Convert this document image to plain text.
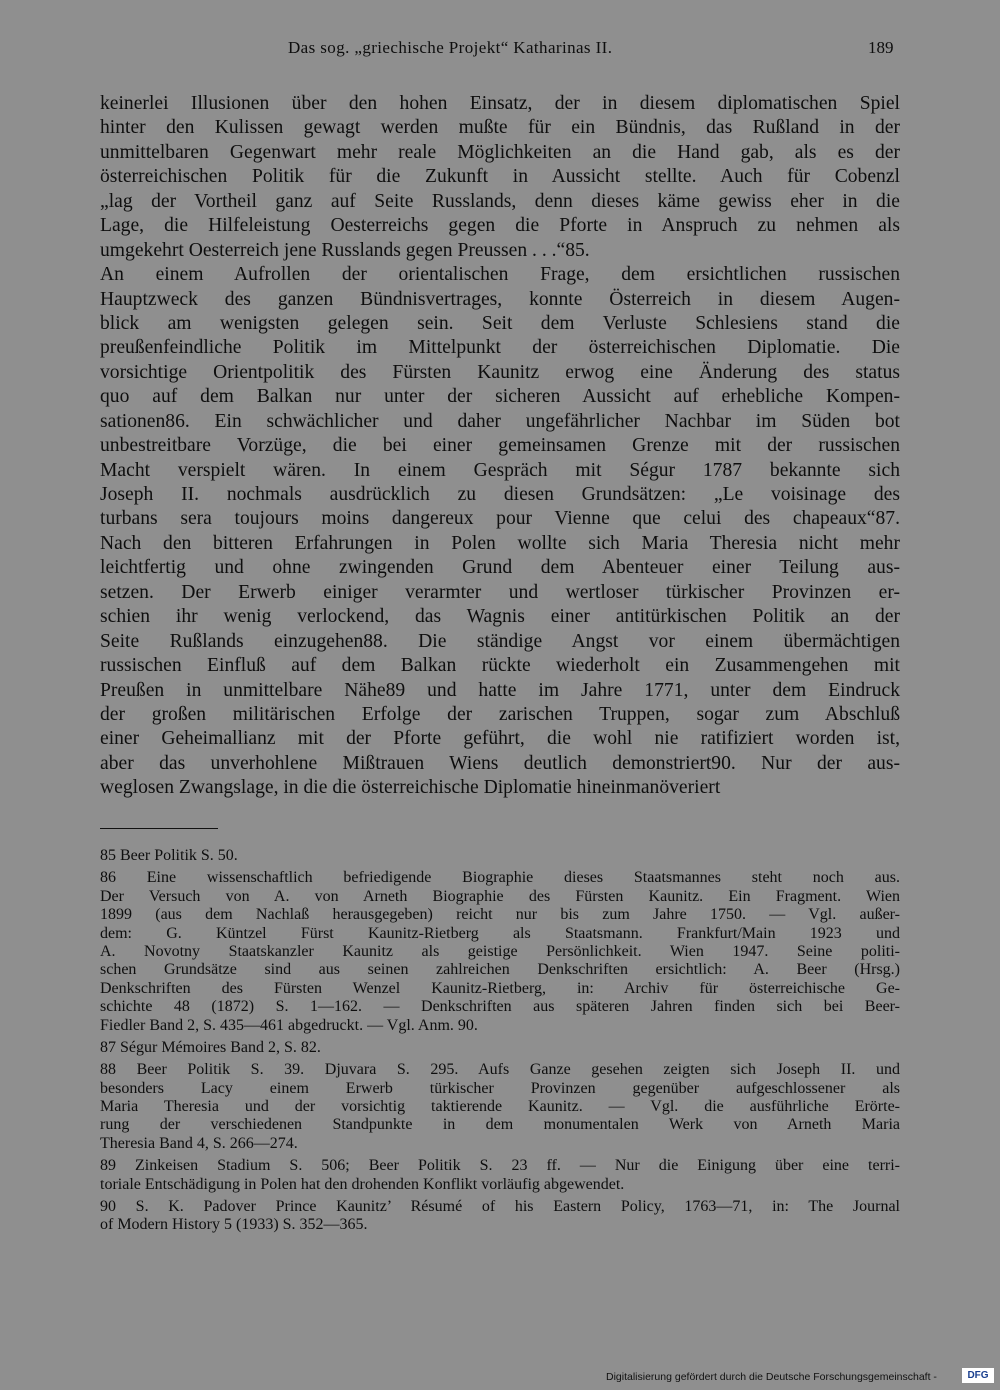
Das sog. „griechische Projekt“ Katharinas II.	189
keinerlei Illusionen über den hohen Einsatz, der in diesem diplomatischen Spiel
hinter den Kulissen gewagt werden mußte für ein Bündnis, das Rußland in der
unmittelbaren Gegenwart mehr reale Möglichkeiten an die Hand gab, als es der
österreichischen Politik für die Zukunft in Aussicht stellte. Auch für Cobenzl
„lag der Vortheil ganz auf Seite Russlands, denn dieses käme gewiss eher in die
Lage, die Hilfeleistung Oesterreichs gegen die Pforte in Anspruch zu nehmen als
umgekehrt Oesterreich jene Russlands gegen Preussen . . .“85.
An einem Aufrollen der orientalischen Frage, dem ersichtlichen russischen
Hauptzweck des ganzen Bündnisvertrages, konnte Österreich in diesem Augen-
blick am wenigsten gelegen sein. Seit dem Verluste Schlesiens stand die
preußenfeindliche Politik im Mittelpunkt der österreichischen Diplomatie. Die
vorsichtige Orientpolitik des Fürsten Kaunitz erwog eine Änderung des status
quo auf dem Balkan nur unter der sicheren Aussicht auf erhebliche Kompen-
sationen86. Ein schwächlicher und daher ungefährlicher Nachbar im Süden bot
unbestreitbare Vorzüge, die bei einer gemeinsamen Grenze mit der russischen
Macht verspielt wären. In einem Gespräch mit Ségur 1787 bekannte sich
Joseph II. nochmals ausdrücklich zu diesen Grundsätzen: „Le voisinage des
turbans sera toujours moins dangereux pour Vienne que celui des chapeaux“87.
Nach den bitteren Erfahrungen in Polen wollte sich Maria Theresia nicht mehr
leichtfertig und ohne zwingenden Grund dem Abenteuer einer Teilung aus-
setzen. Der Erwerb einiger verarmter und wertloser türkischer Provinzen er-
schien ihr wenig verlockend, das Wagnis einer antitürkischen Politik an der
Seite Rußlands einzugehen88. Die ständige Angst vor einem übermächtigen
russischen Einfluß auf dem Balkan rückte wiederholt ein Zusammengehen mit
Preußen in unmittelbare Nähe89 und hatte im Jahre 1771, unter dem Eindruck
der großen militärischen Erfolge der zarischen Truppen, sogar zum Abschluß
einer Geheimallianz mit der Pforte geführt, die wohl nie ratifiziert worden ist,
aber das unverhohlene Mißtrauen Wiens deutlich demonstriert90. Nur der aus-
weglosen Zwangslage, in die die österreichische Diplomatie hineinmanöveriert
85 Beer Politik S. 50.
86 Eine wissenschaftlich befriedigende Biographie dieses Staatsmannes steht noch aus.
Der Versuch von A. von Arneth Biographie des Fürsten Kaunitz. Ein Fragment. Wien
1899 (aus dem Nachlaß herausgegeben) reicht nur bis zum Jahre 1750. — Vgl. außer-
dem: G. Küntzel Fürst Kaunitz-Rietberg als Staatsmann. Frankfurt/Main 1923 und
A. Novotny Staatskanzler Kaunitz als geistige Persönlichkeit. Wien 1947. Seine politi-
schen Grundsätze sind aus seinen zahlreichen Denkschriften ersichtlich: A. Beer (Hrsg.)
Denkschriften des Fürsten Wenzel Kaunitz-Rietberg, in: Archiv für österreichische Ge-
schichte 48 (1872) S. 1—162. — Denkschriften aus späteren Jahren finden sich bei Beer-
Fiedler Band 2, S. 435—461 abgedruckt. — Vgl. Anm. 90.
87 Ségur Mémoires Band 2, S. 82.
88 Beer Politik S. 39. Djuvara S. 295. Aufs Ganze gesehen zeigten sich Joseph II. und
besonders Lacy einem Erwerb türkischer Provinzen gegenüber aufgeschlossener als
Maria Theresia und der vorsichtig taktierende Kaunitz. — Vgl. die ausführliche Erörte-
rung der verschiedenen Standpunkte in dem monumentalen Werk von Arneth Maria
Theresia Band 4, S. 266—274.
89 Zinkeisen Stadium S. 506; Beer Politik S. 23 ff. — Nur die Einigung über eine terri-
toriale Entschädigung in Polen hat den drohenden Konflikt vorläufig abgewendet.
90 S. K. Padover Prince Kaunitz’ Résumé of his Eastern Policy, 1763—71, in: The Journal
of Modern History 5 (1933) S. 352—365.
Digitalisierung gefördert durch die Deutsche Forschungsgemeinschaft -	DFG
